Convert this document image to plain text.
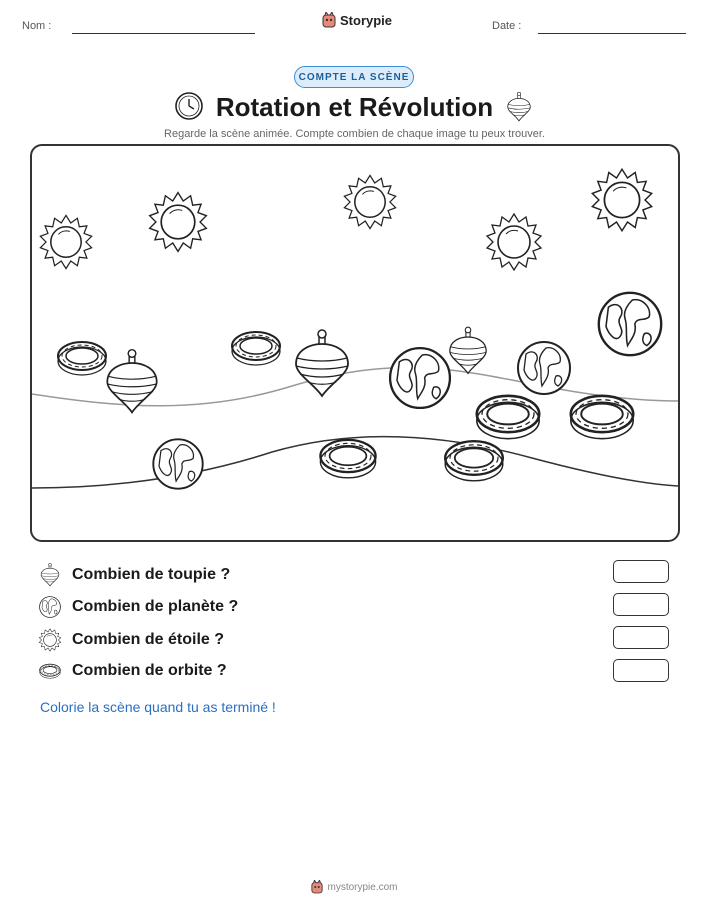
Nom :	Storypie	Date :
COMPTE LA SCÈNE
Rotation et Révolution
Regarde la scène animée. Compte combien de chaque image tu peux trouver.
Combien de toupie ?
Combien de planète ?
Combien de étoile ?
Combien de orbite ?
Colorie la scène quand tu as terminé !
mystorypie.com
